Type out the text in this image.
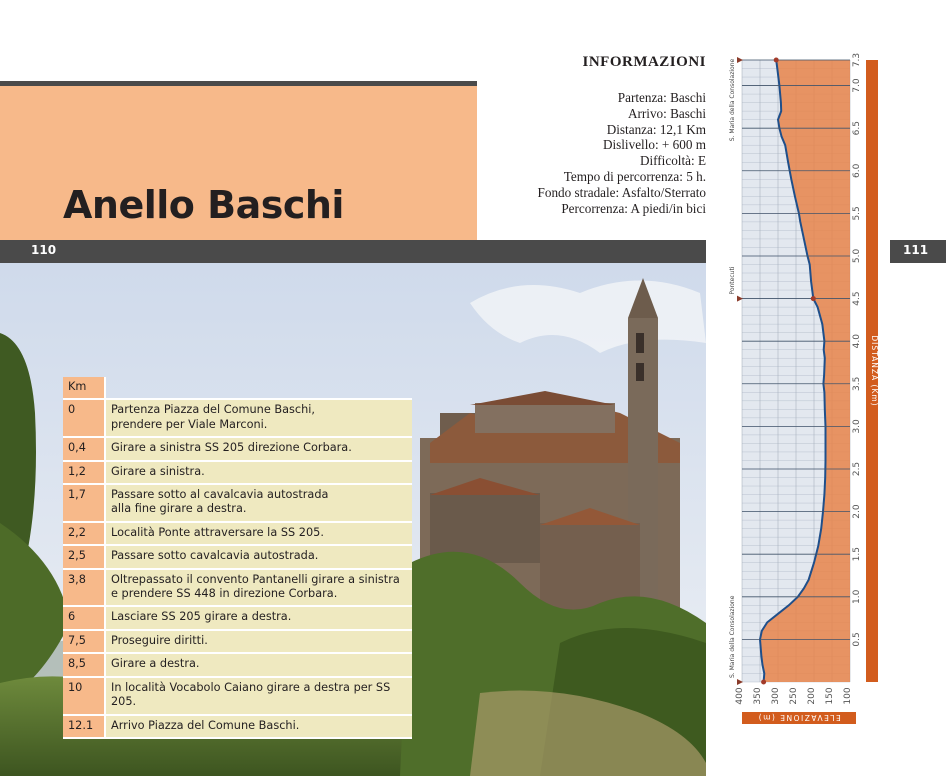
Anello Baschi
INFORMAZIONI
Partenza: Baschi
Arrivo: Baschi
Distanza: 12,1 Km
Dislivello: + 600 m
Difficoltà: E
Tempo di percorrenza: 5 h.
Fondo stradale: Asfalto/Sterrato
Percorrenza: A piedi/in bici
110	111
Km	
0	Partenza Piazza del Comune Baschi,
prendere per Viale Marconi.

0,4	Girare a sinistra SS 205 direzione Corbara.

1,2	Girare a sinistra.

1,7	Passare sotto al cavalcavia autostrada
alla fine girare a destra.

2,2	Località Ponte attraversare la SS 205.

2,5	Passare sotto cavalcavia autostrada.

3,8	Oltrepassato il convento Pantanelli girare a sinistra
e prendere SS 448 in direzione Corbara.

6	Lasciare SS 205 girare a destra.

7,5	Proseguire diritti.

8,5	Girare a destra.

10	In località Vocabolo Caiano girare a destra per SS 205.

12.1	Arrivo Piazza del Comune Baschi.
0.5
1.0
1.5
2.0
2.5
3.0
3.5
4.0
4.5
5.0
5.5
6.0
6.5
7.0
7.3
DISTANZA (Km)
400 350 300 250 200 150 100
ELEVAZIONE (m)
S. Maria della Consolazione
Pontecuti
S. Maria della Consolazione
